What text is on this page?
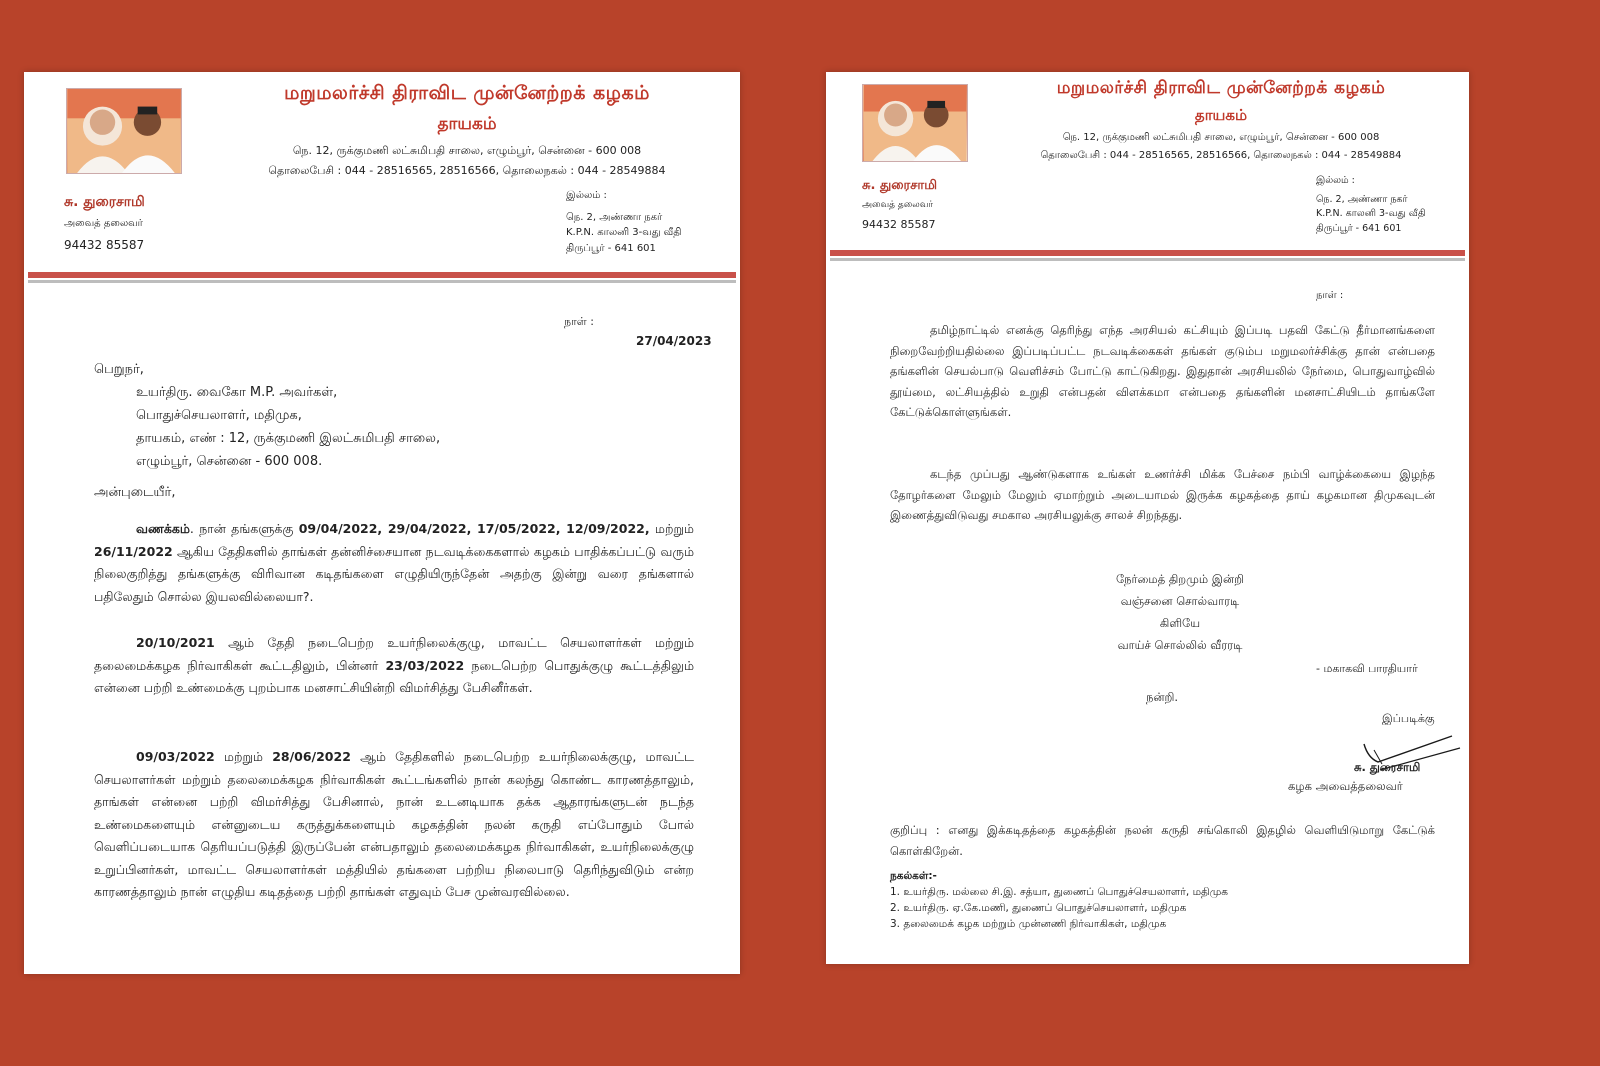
மறுமலர்ச்சி திராவிட முன்னேற்றக் கழகம்
தாயகம்
நெ. 12, ருக்குமணி லட்சுமிபதி சாலை, எழும்பூர், சென்னை - 600 008
தொலைபேசி : 044 - 28516565, 28516566, தொலைநகல் : 044 - 28549884
சு. துரைசாமி
அவைத் தலைவர்
94432 85587
இல்லம் :
நெ. 2, அண்ணா நகர்
K.P.N. காலனி 3-வது வீதி
திருப்பூர் - 641 601
நாள் :
27/04/2023
பெறுநர்,
உயர்திரு. வைகோ M.P. அவர்கள்,
பொதுச்செயலாளர், மதிமுக,
தாயகம், எண் : 12, ருக்குமணி இலட்சுமிபதி சாலை,
எழும்பூர், சென்னை - 600 008.
அன்புடையீர்,
வணக்கம். நான் தங்களுக்கு 09/04/2022, 29/04/2022, 17/05/2022, 12/09/2022, மற்றும் 26/11/2022 ஆகிய தேதிகளில் தாங்கள் தன்னிச்சையான நடவடிக்கைகளால் கழகம் பாதிக்கப்பட்டு வரும் நிலைகுறித்து தங்களுக்கு விரிவான கடிதங்களை எழுதியிருந்தேன் அதற்கு இன்று வரை தங்களால் பதிலேதும் சொல்ல இயலவில்லையா?.
20/10/2021 ஆம் தேதி நடைபெற்ற உயர்நிலைக்குழு, மாவட்ட செயலாளர்கள் மற்றும் தலைமைக்கழக நிர்வாகிகள் கூட்டதிலும், பின்னர் 23/03/2022 நடைபெற்ற பொதுக்குழு கூட்டத்திலும் என்னை பற்றி உண்மைக்கு புறம்பாக மனசாட்சியின்றி விமர்சித்து பேசினீர்கள்.
09/03/2022 மற்றும் 28/06/2022 ஆம் தேதிகளில் நடைபெற்ற உயர்நிலைக்குழு, மாவட்ட செயலாளர்கள் மற்றும் தலைமைக்கழக நிர்வாகிகள் கூட்டங்களில் நான் கலந்து கொண்ட காரணத்தாலும், தாங்கள் என்னை பற்றி விமர்சித்து பேசினால், நான் உடனடியாக தக்க ஆதாரங்களுடன் நடந்த உண்மைகளையும் என்னுடைய கருத்துக்களையும் கழகத்தின் நலன் கருதி எப்போதும் போல் வெளிப்படையாக தெரியப்படுத்தி இருப்பேன் என்பதாலும் தலைமைக்கழக நிர்வாகிகள், உயர்நிலைக்குழு உறுப்பினர்கள், மாவட்ட செயலாளர்கள் மத்தியில் தங்களை பற்றிய நிலைபாடு தெரிந்துவிடும் என்ற காரணத்தாலும் நான் எழுதிய கடிதத்தை பற்றி தாங்கள் எதுவும் பேச முன்வரவில்லை.
மறுமலர்ச்சி திராவிட முன்னேற்றக் கழகம்
தாயகம்
நெ. 12, ருக்குமணி லட்சுமிபதி சாலை, எழும்பூர், சென்னை - 600 008
தொலைபேசி : 044 - 28516565, 28516566, தொலைநகல் : 044 - 28549884
சு. துரைசாமி
அவைத் தலைவர்
94432 85587
இல்லம் :
நெ. 2, அண்ணா நகர்
K.P.N. காலனி 3-வது வீதி
திருப்பூர் - 641 601
நாள் :
தமிழ்நாட்டில் எனக்கு தெரிந்து எந்த அரசியல் கட்சியும் இப்படி பதவி கேட்டு தீர்மானங்களை நிறைவேற்றியதில்லை இப்படிப்பட்ட நடவடிக்கைகள் தங்கள் குடும்ப மறுமலர்ச்சிக்கு தான் என்பதை தங்களின் செயல்பாடு வெளிச்சம் போட்டு காட்டுகிறது. இதுதான் அரசியலில் நேர்மை, பொதுவாழ்வில் தூய்மை, லட்சியத்தில் உறுதி என்பதன் விளக்கமா என்பதை தங்களின் மனசாட்சியிடம் தாங்களே கேட்டுக்கொள்ளுங்கள்.
கடந்த முப்பது ஆண்டுகளாக உங்கள் உணர்ச்சி மிக்க பேச்சை நம்பி வாழ்க்கையை இழந்த தோழர்களை மேலும் மேலும் ஏமாற்றும் அடையாமல் இருக்க கழகத்தை தாய் கழகமான திமுகவுடன் இணைத்துவிடுவது சமகால அரசியலுக்கு சாலச் சிறந்தது.
நேர்மைத் திறமும் இன்றி
வஞ்சனை சொல்வாரடி
கிளியே
வாய்ச் சொல்லில் வீரரடி
- மகாகவி பாரதியார்
நன்றி.
இப்படிக்கு
சு. துரைசாமி
கழக அவைத்தலைவர்
குறிப்பு : எனது இக்கடிதத்தை கழகத்தின் நலன் கருதி சங்கொலி இதழில் வெளியிடுமாறு கேட்டுக் கொள்கிறேன்.
நகல்கள்:-
1. உயர்திரு. மல்லை சி.இ. சத்யா, துணைப் பொதுச்செயலாளர், மதிமுக
2. உயர்திரு. ஏ.கே.மணி, துணைப் பொதுச்செயலாளர், மதிமுக
3. தலைமைக் கழக மற்றும் முன்னணி நிர்வாகிகள், மதிமுக
